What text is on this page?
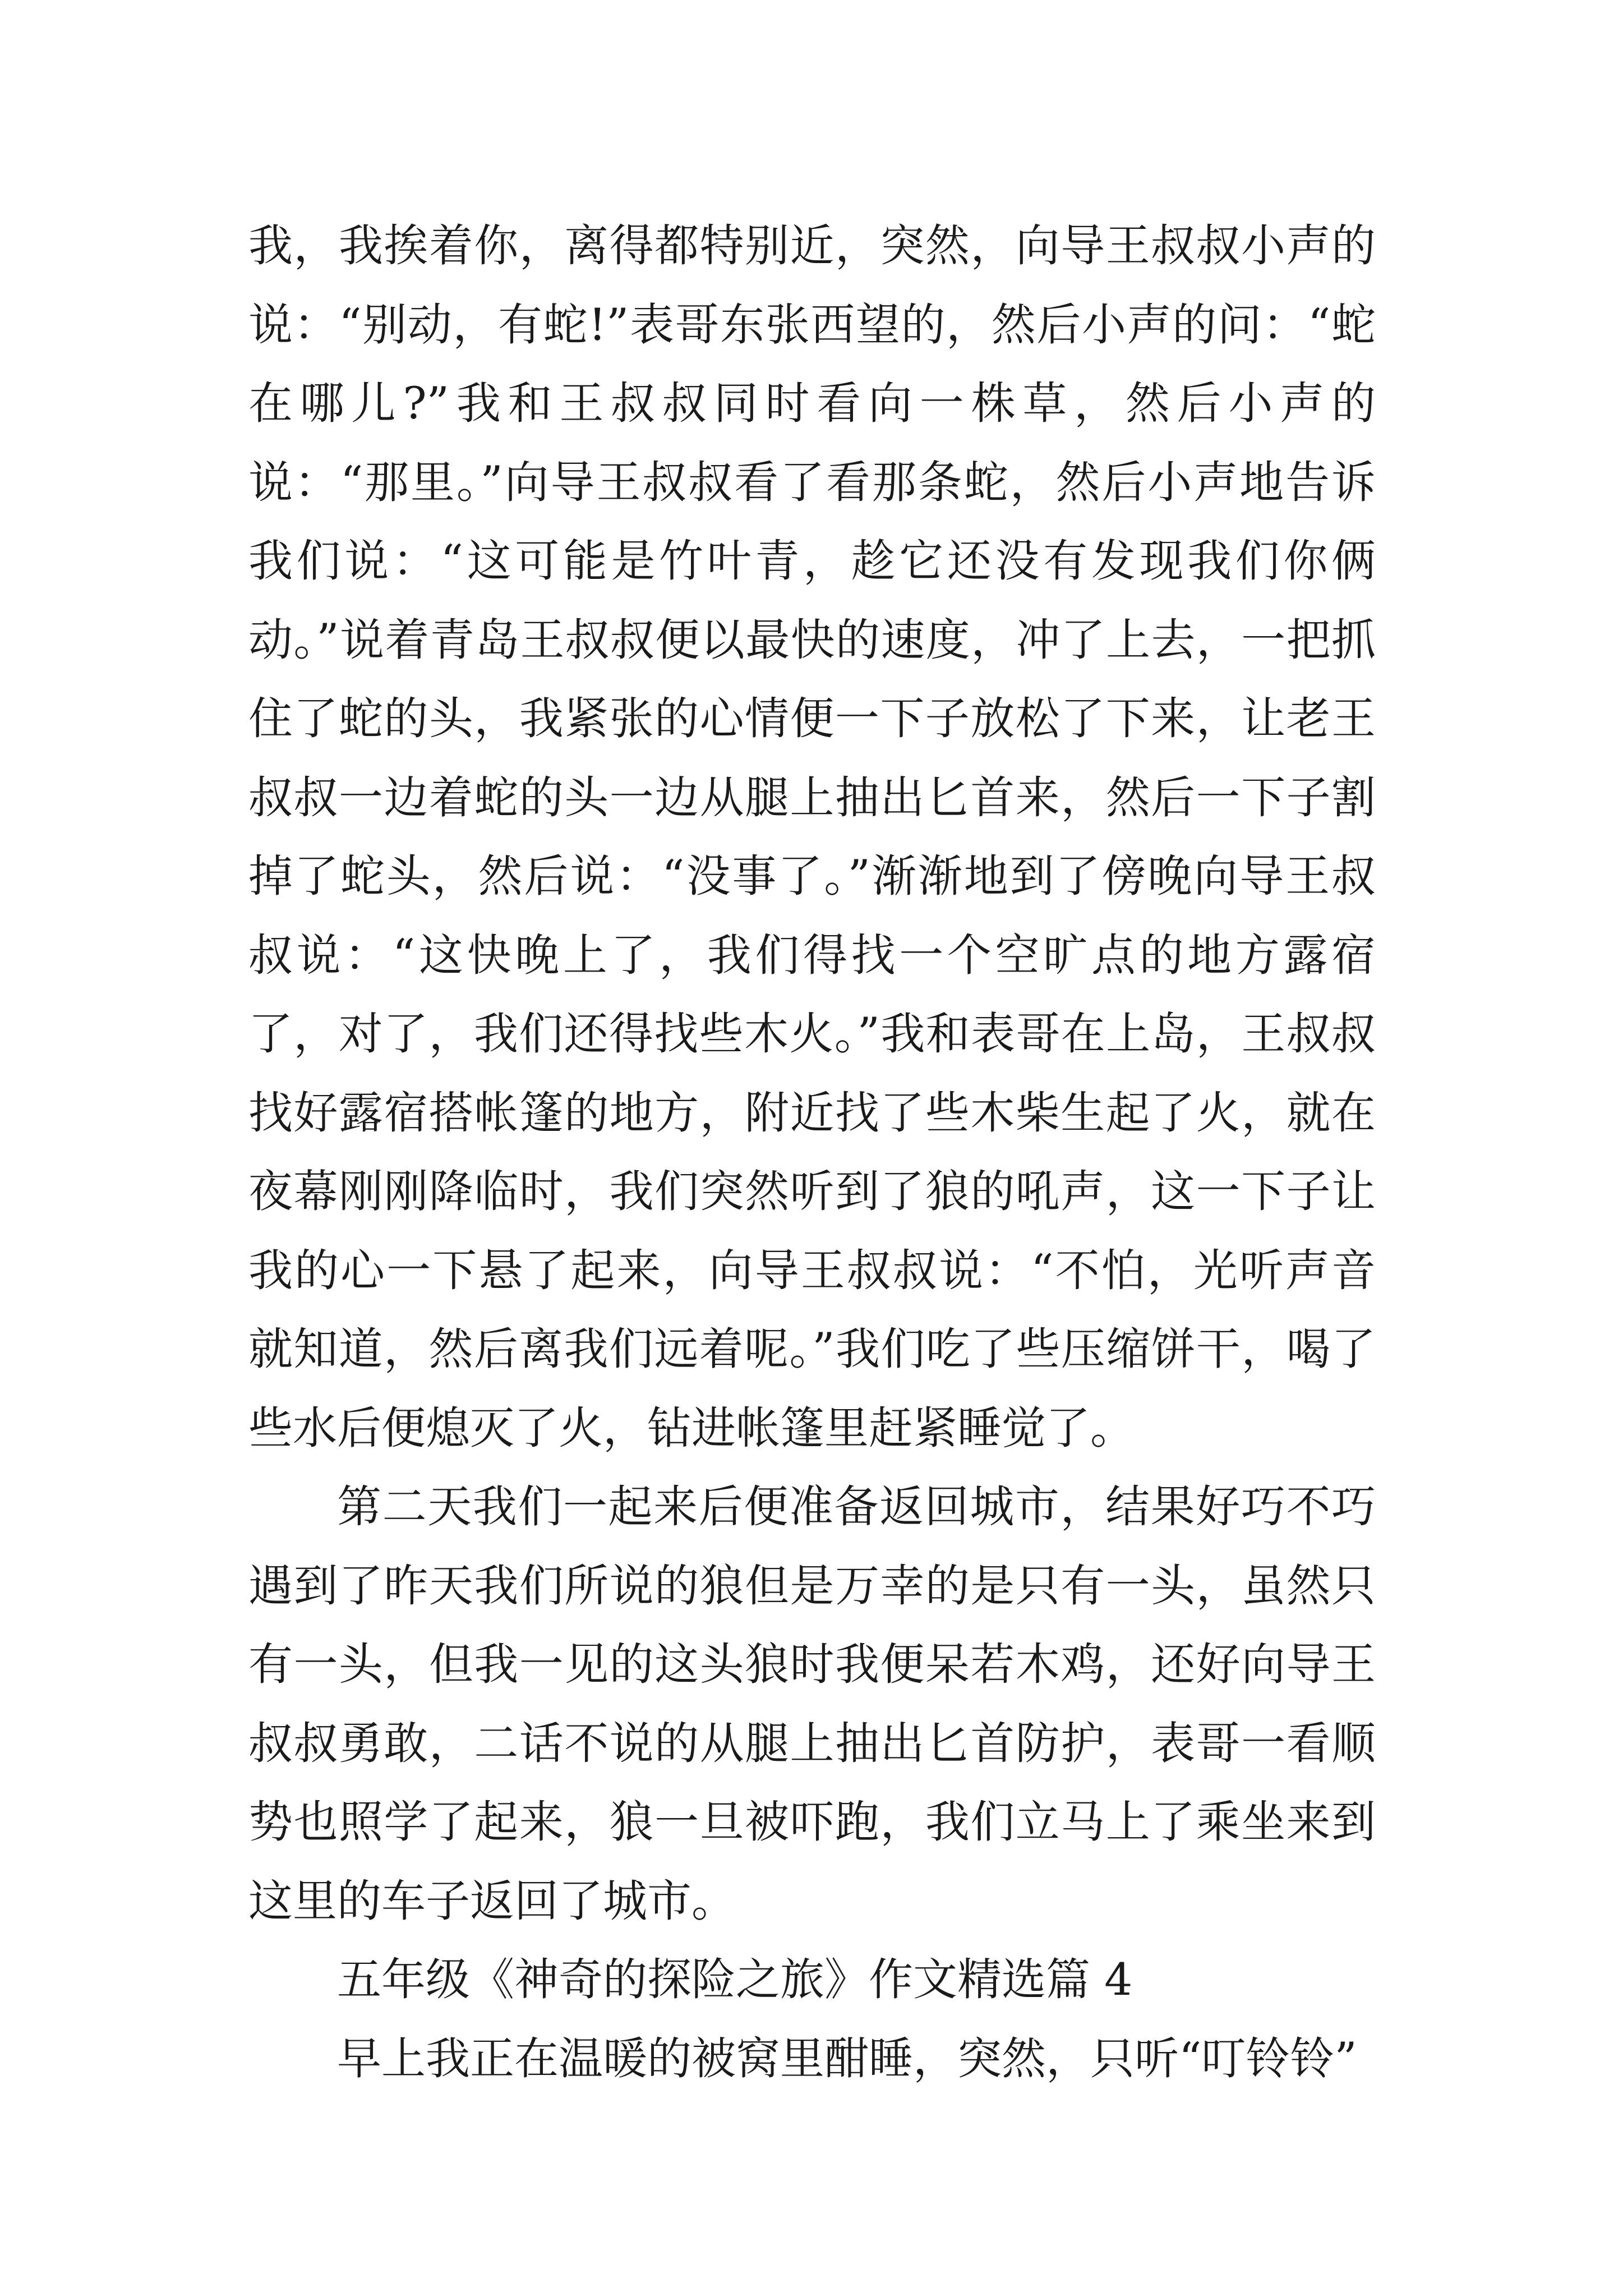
我，我挨着你，离得都特别近，突然，向导王叔叔小声的说：“别动，有蛇!”表哥东张西望的，然后小声的问：“蛇在哪儿?”我和王叔叔同时看向一株草，然后小声的说：“那里。”向导王叔叔看了看那条蛇，然后小声地告诉我们说：“这可能是竹叶青，趁它还没有发现我们你俩动。”说着青岛王叔叔便以最快的速度，冲了上去，一把抓住了蛇的头，我紧张的心情便一下子放松了下来，让老王叔叔一边着蛇的头一边从腿上抽出匕首来，然后一下子割掉了蛇头，然后说：“没事了。”渐渐地到了傍晚向导王叔叔说：“这快晚上了，我们得找一个空旷点的地方露宿了，对了，我们还得找些木火。”我和表哥在上岛，王叔叔找好露宿搭帐篷的地方，附近找了些木柴生起了火，就在夜幕刚刚降临时，我们突然听到了狼的吼声，这一下子让我的心一下悬了起来，向导王叔叔说：“不怕，光听声音就知道，然后离我们远着呢。”我们吃了些压缩饼干，喝了些水后便熄灭了火，钻进帐篷里赶紧睡觉了。

第二天我们一起来后便准备返回城市，结果好巧不巧遇到了昨天我们所说的狼但是万幸的是只有一头，虽然只有一头，但我一见的这头狼时我便呆若木鸡，还好向导王叔叔勇敢，二话不说的从腿上抽出匕首防护，表哥一看顺势也照学了起来，狼一旦被吓跑，我们立马上了乘坐来到这里的车子返回了城市。

五年级《神奇的探险之旅》作文精选篇 4

早上我正在温暖的被窝里酣睡，突然，只听“叮铃铃”
